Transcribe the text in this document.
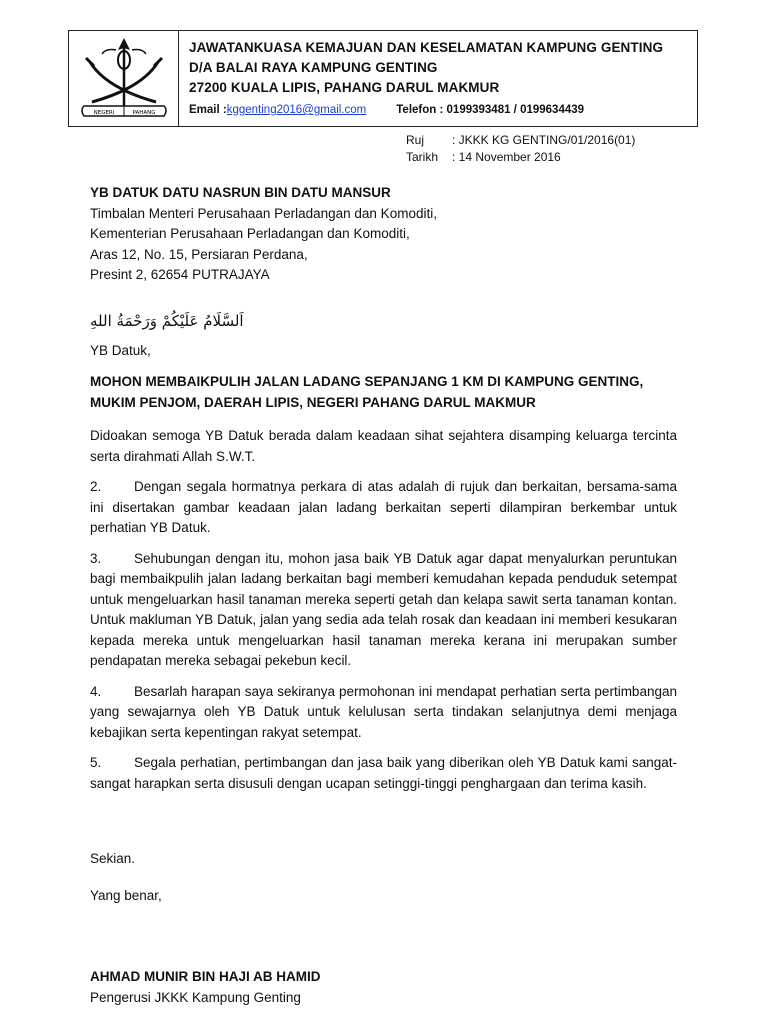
NEGERI	PAHANG
JAWATANKUASA KEMAJUAN DAN KESELAMATAN KAMPUNG GENTING
D/A BALAI RAYA KAMPUNG GENTING
27200 KUALA LIPIS, PAHANG DARUL MAKMUR
Email : kggenting2016@gmail.com	Telefon : 0199393481 / 0199634439
Ruj	: JKKK KG GENTING/01/2016(01)
Tarikh	: 14 November 2016
YB DATUK DATU NASRUN BIN DATU MANSUR
Timbalan Menteri Perusahaan Perladangan dan Komoditi,
Kementerian Perusahaan Perladangan dan Komoditi,
Aras 12, No. 15, Persiaran Perdana,
Presint 2, 62654 PUTRAJAYA
اَلسَّلَامُ عَلَيْكُمْ وَرَحْمَةُ اللهِ
YB Datuk,
MOHON MEMBAIKPULIH JALAN LADANG SEPANJANG 1 KM DI KAMPUNG GENTING,
MUKIM PENJOM, DAERAH LIPIS, NEGERI PAHANG DARUL MAKMUR

Didoakan semoga YB Datuk berada dalam keadaan sihat sejahtera disamping keluarga tercinta serta dirahmati Allah S.W.T.

2. Dengan segala hormatnya perkara di atas adalah di rujuk dan berkaitan, bersama-sama ini disertakan gambar keadaan jalan ladang berkaitan seperti dilampiran berkembar untuk perhatian YB Datuk.

3. Sehubungan dengan itu, mohon jasa baik YB Datuk agar dapat menyalurkan peruntukan bagi membaikpulih jalan ladang berkaitan bagi memberi kemudahan kepada penduduk setempat untuk mengeluarkan hasil tanaman mereka seperti getah dan kelapa sawit serta tanaman kontan. Untuk makluman YB Datuk, jalan yang sedia ada telah rosak dan keadaan ini memberi kesukaran kepada mereka untuk mengeluarkan hasil tanaman mereka kerana ini merupakan sumber pendapatan mereka sebagai pekebun kecil.

4. Besarlah harapan saya sekiranya permohonan ini mendapat perhatian serta pertimbangan yang sewajarnya oleh YB Datuk untuk kelulusan serta tindakan selanjutnya demi menjaga kebajikan serta kepentingan rakyat setempat.

5. Segala perhatian, pertimbangan dan jasa baik yang diberikan oleh YB Datuk kami sangat-sangat harapkan serta disusuli dengan ucapan setinggi-tinggi penghargaan dan terima kasih.

Sekian.
Yang benar,
AHMAD MUNIR BIN HAJI AB HAMID
Pengerusi JKKK Kampung Genting
